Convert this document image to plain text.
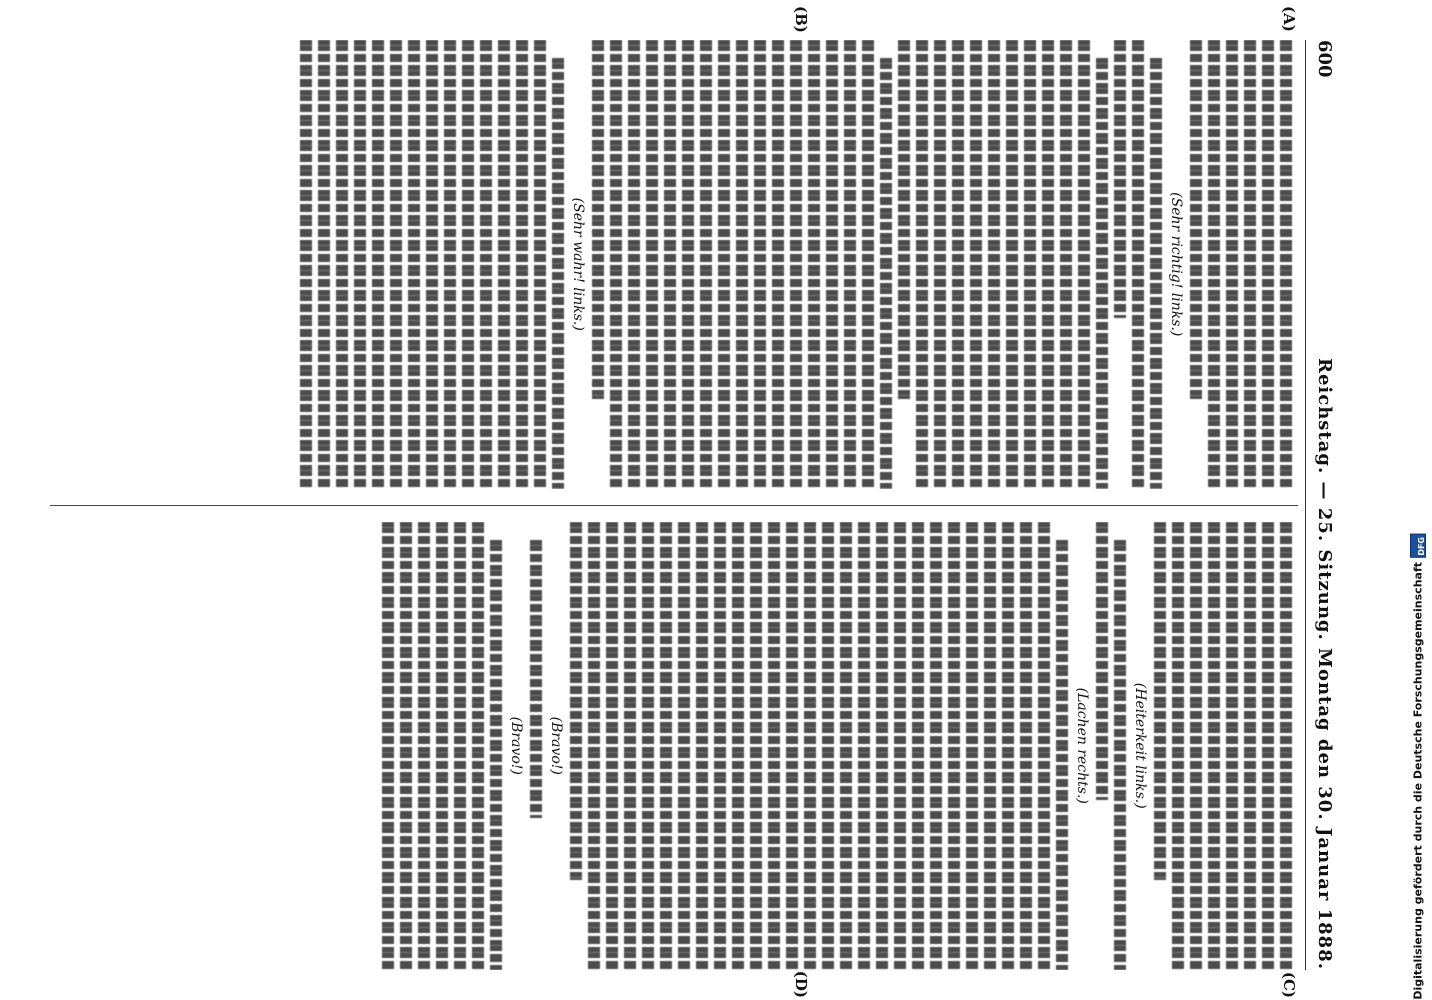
600
Reichstag. — 25. Sitzung. Montag den 30. Januar 1888.
(A)
(B)
(C)
(D)
(Sehr richtig! links.)
(Sehr wahr! links.)
(Heiterkeit links.)
(Lachen rechts.)
(Bravo!)
(Bravo!)	Digitalisierung gefördert durch die Deutsche Forschungsgemeinschaft
DFG
